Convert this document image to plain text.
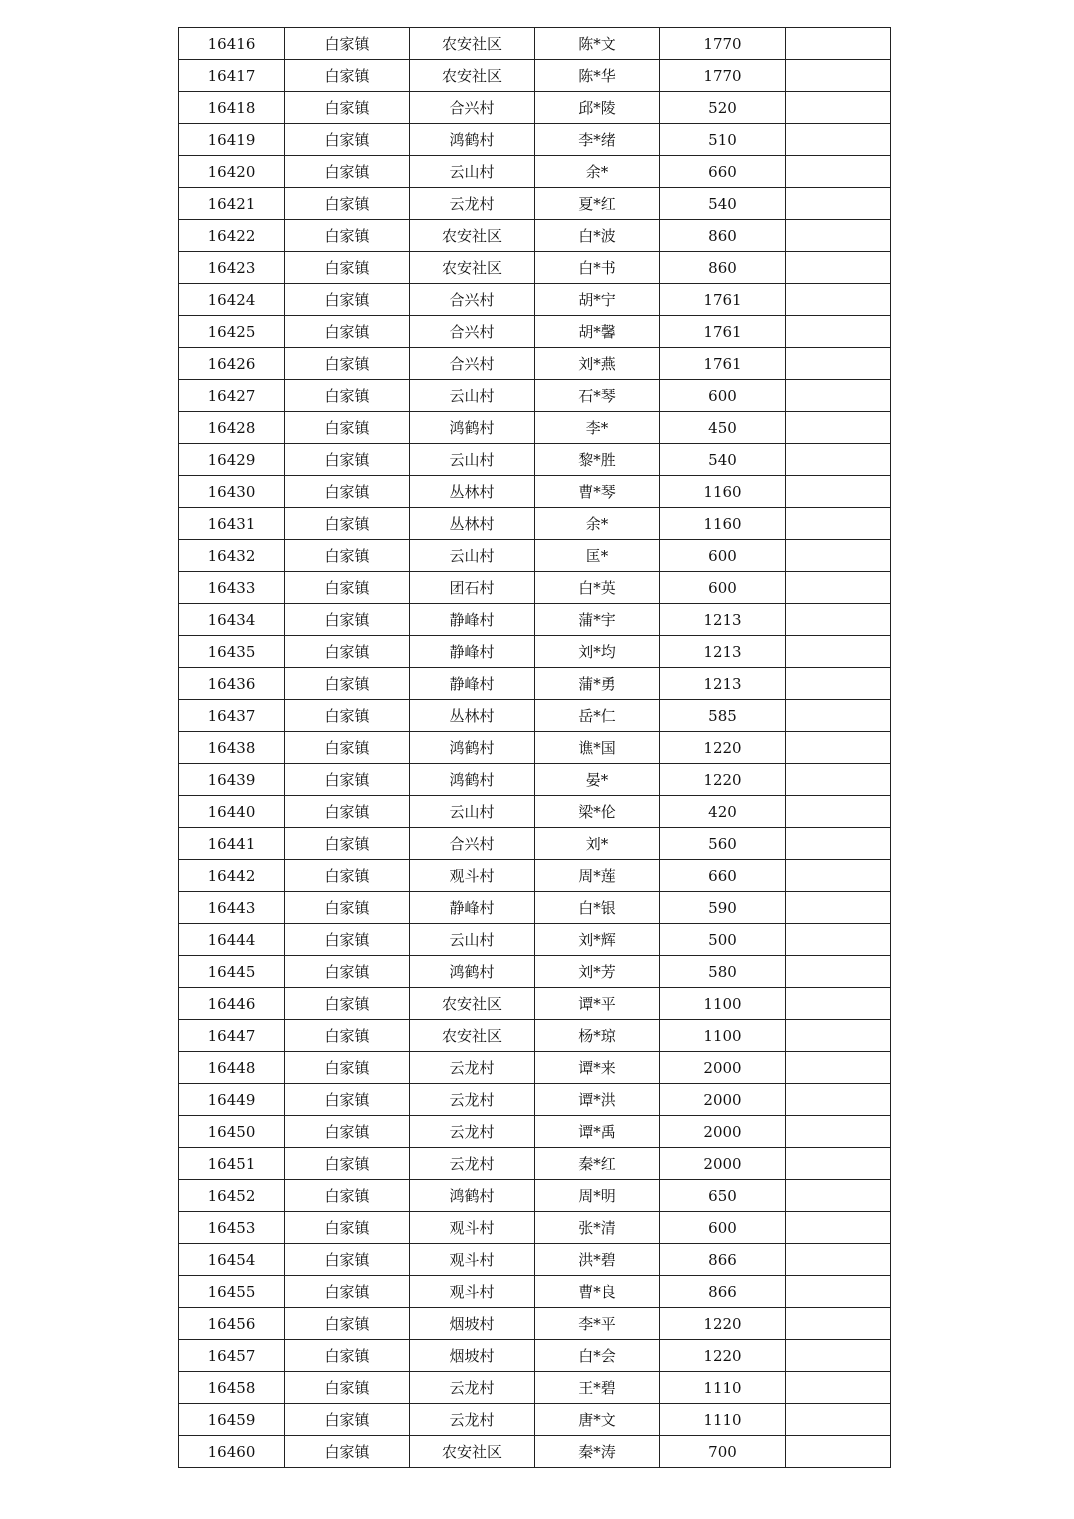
16416	白家镇	农安社区	陈*文	1770	
16417	白家镇	农安社区	陈*华	1770	
16418	白家镇	合兴村	邱*陵	520	
16419	白家镇	鸿鹤村	李*绪	510	
16420	白家镇	云山村	余*	660	
16421	白家镇	云龙村	夏*红	540	
16422	白家镇	农安社区	白*波	860	
16423	白家镇	农安社区	白*书	860	
16424	白家镇	合兴村	胡*宁	1761	
16425	白家镇	合兴村	胡*馨	1761	
16426	白家镇	合兴村	刘*燕	1761	
16427	白家镇	云山村	石*琴	600	
16428	白家镇	鸿鹤村	李*	450	
16429	白家镇	云山村	黎*胜	540	
16430	白家镇	丛林村	曹*琴	1160	
16431	白家镇	丛林村	余*	1160	
16432	白家镇	云山村	匡*	600	
16433	白家镇	团石村	白*英	600	
16434	白家镇	静峰村	蒲*宇	1213	
16435	白家镇	静峰村	刘*均	1213	
16436	白家镇	静峰村	蒲*勇	1213	
16437	白家镇	丛林村	岳*仁	585	
16438	白家镇	鸿鹤村	谯*国	1220	
16439	白家镇	鸿鹤村	晏*	1220	
16440	白家镇	云山村	梁*伦	420	
16441	白家镇	合兴村	刘*	560	
16442	白家镇	观斗村	周*莲	660	
16443	白家镇	静峰村	白*银	590	
16444	白家镇	云山村	刘*辉	500	
16445	白家镇	鸿鹤村	刘*芳	580	
16446	白家镇	农安社区	谭*平	1100	
16447	白家镇	农安社区	杨*琼	1100	
16448	白家镇	云龙村	谭*来	2000	
16449	白家镇	云龙村	谭*洪	2000	
16450	白家镇	云龙村	谭*禹	2000	
16451	白家镇	云龙村	秦*红	2000	
16452	白家镇	鸿鹤村	周*明	650	
16453	白家镇	观斗村	张*清	600	
16454	白家镇	观斗村	洪*碧	866	
16455	白家镇	观斗村	曹*良	866	
16456	白家镇	烟坡村	李*平	1220	
16457	白家镇	烟坡村	白*会	1220	
16458	白家镇	云龙村	王*碧	1110	
16459	白家镇	云龙村	唐*文	1110	
16460	白家镇	农安社区	秦*涛	700	
